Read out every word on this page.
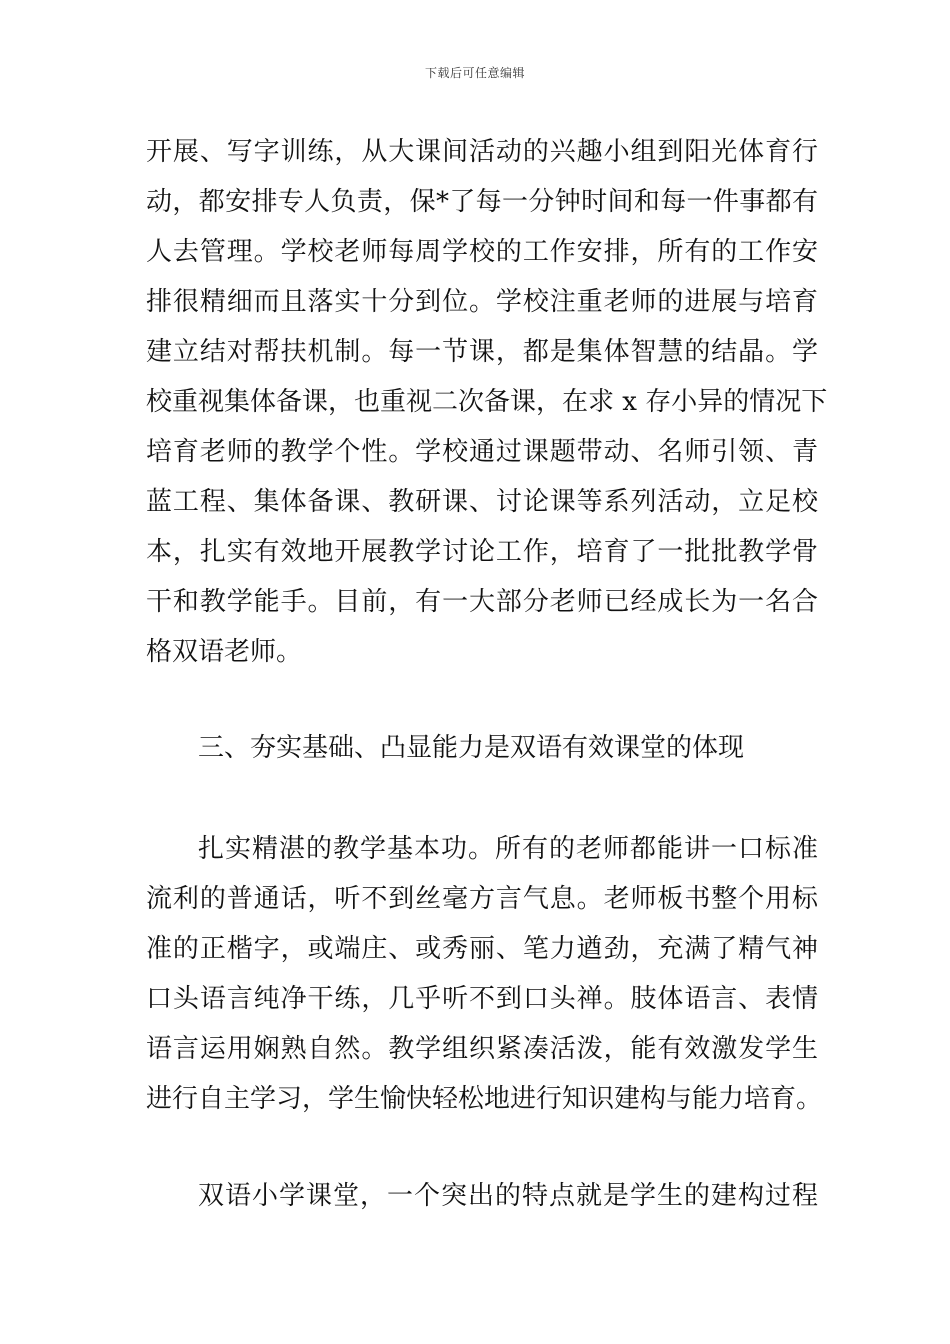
下载后可任意编辑
开展、写字训练，从大课间活动的兴趣小组到阳光体育行
动，都安排专人负责，保*了每一分钟时间和每一件事都有
人去管理。学校老师每周学校的工作安排，所有的工作安
排很精细而且落实十分到位。学校注重老师的进展与培育
建立结对帮扶机制。每一节课，都是集体智慧的结晶。学
校重视集体备课，也重视二次备课，在求 x 存小异的情况下
培育老师的教学个性。学校通过课题带动、名师引领、青
蓝工程、集体备课、教研课、讨论课等系列活动，立足校
本，扎实有效地开展教学讨论工作，培育了一批批教学骨
干和教学能手。目前，有一大部分老师已经成长为一名合
格双语老师。
三、夯实基础、凸显能力是双语有效课堂的体现
扎实精湛的教学基本功。所有的老师都能讲一口标准
流利的普通话，听不到丝毫方言气息。老师板书整个用标
准的正楷字，或端庄、或秀丽、笔力遒劲，充满了精气神
口头语言纯净干练，几乎听不到口头禅。肢体语言、表情
语言运用娴熟自然。教学组织紧凑活泼，能有效激发学生
进行自主学习，学生愉快轻松地进行知识建构与能力培育。
双语小学课堂，一个突出的特点就是学生的建构过程
